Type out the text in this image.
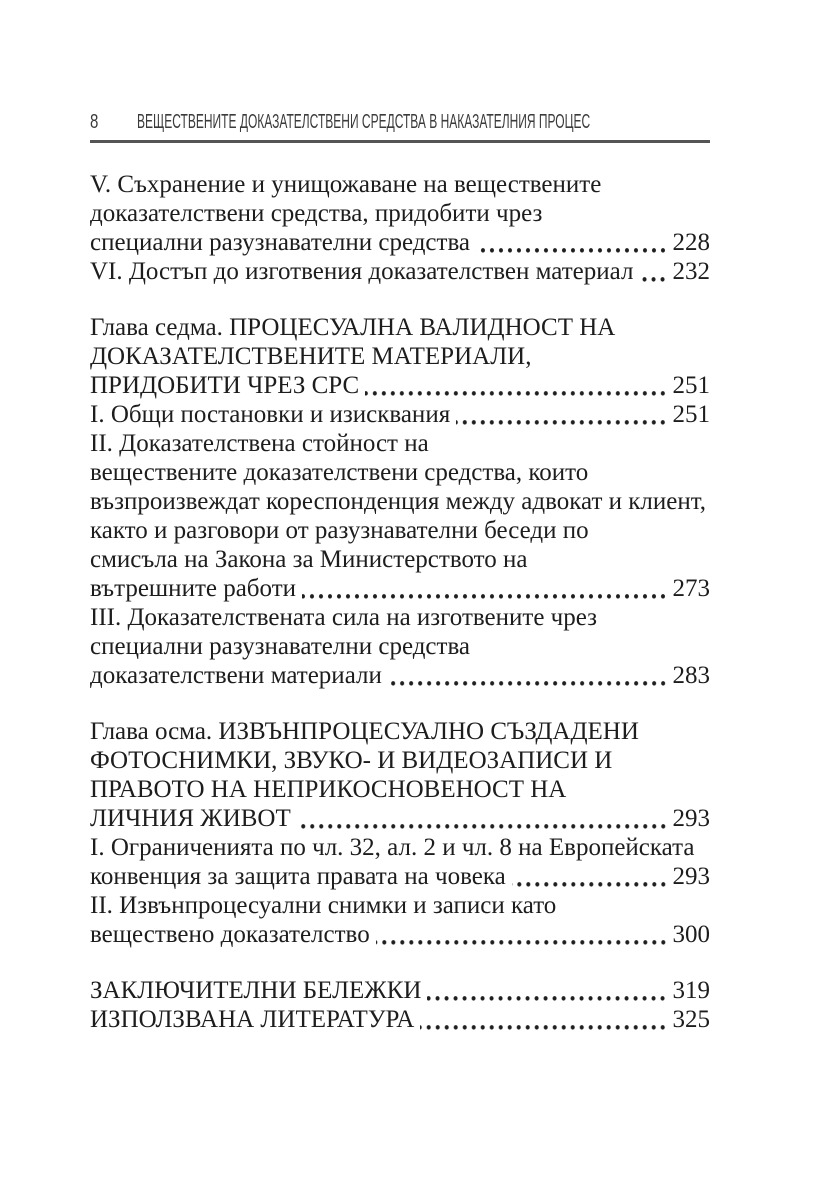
8 ВЕЩЕСТВЕНИТЕ ДОКАЗАТЕЛСТВЕНИ СРЕДСТВА В НАКАЗАТЕЛНИЯ ПРОЦЕС
V. Съхранение и унищожаване на веществените
доказателствени средства, придобити чрез
специални разузнавателни средства	228
VI. Достъп до изготвения доказателствен материал 232
Глава седма. ПРОЦЕСУАЛНА ВАЛИДНОСТ НА
ДОКАЗАТЕЛСТВЕНИТЕ МАТЕРИАЛИ,
ПРИДОБИТИ ЧРЕЗ СРС	251
I. Общи постановки и изисквания	251
II. Доказателствена стойност на
веществените доказателствени средства, които
възпроизвеждат кореспонденция между адвокат и клиент,
както и разговори от разузнавателни беседи по
смисъла на Закона за Министерството на
вътрешните работи	273
III. Доказателствената сила на изготвените чрез
специални разузнавателни средства
доказателствени материали	283
Глава осма. ИЗВЪНПРОЦЕСУАЛНО СЪЗДАДЕНИ
ФОТОСНИМКИ, ЗВУКО- И ВИДЕОЗАПИСИ И
ПРАВОТО НА НЕПРИКОСНОВЕНОСТ НА
ЛИЧНИЯ ЖИВОТ	293
I. Ограниченията по чл. 32, ал. 2 и чл. 8 на Европейската
конвенция за защита правата на човека	293
II. Извънпроцесуални снимки и записи като
веществено доказателство	300
ЗАКЛЮЧИТЕЛНИ БЕЛЕЖКИ	319
ИЗПОЛЗВАНА ЛИТЕРАТУРА	325
